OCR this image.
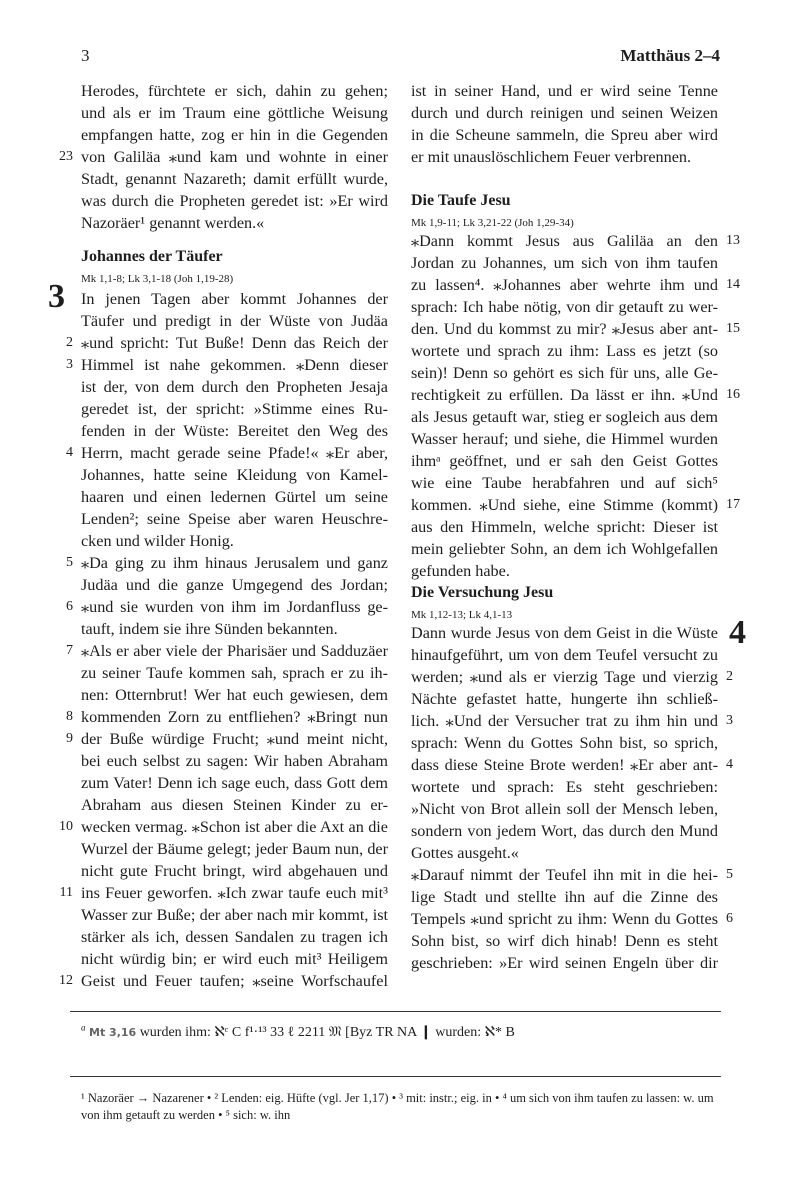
3	Matthäus 2–4
Herodes, fürchtete er sich, dahin zu gehen;
und als er im Traum eine göttliche Weisung
empfangen hatte, zog er hin in die Gegenden
von Galiläa ⁎und kam und wohnte in einer
23
Stadt, genannt Nazareth; damit erfüllt wurde,
was durch die Propheten geredet ist: »Er wird
Nazoräer¹ genannt werden.«
Johannes der Täufer
Mk 1,1-8; Lk 3,1-18 (Joh 1,19-28)
3 In jenen Tagen aber kommt Johannes der
Täufer und predigt in der Wüste von Judäa
⁎und spricht: Tut Buße! Denn das Reich der
2
Himmel ist nahe gekommen. ⁎Denn dieser
3
ist der, von dem durch den Propheten Jesaja
geredet ist, der spricht: »Stimme eines Ru-
fenden in der Wüste: Bereitet den Weg des
Herrn, macht gerade seine Pfade!« ⁎Er aber,
4
Johannes, hatte seine Kleidung von Kamel-
haaren und einen ledernen Gürtel um seine
Lenden²; seine Speise aber waren Heuschre-
cken und wilder Honig.
⁎Da ging zu ihm hinaus Jerusalem und ganz
5
Judäa und die ganze Umgegend des Jordan;
⁎und sie wurden von ihm im Jordanfluss ge-
6
tauft, indem sie ihre Sünden bekannten.
⁎Als er aber viele der Pharisäer und Sadduzäer
7
zu seiner Taufe kommen sah, sprach er zu ih-
nen: Otternbrut! Wer hat euch gewiesen, dem
kommenden Zorn zu entfliehen? ⁎Bringt nun
8
der Buße würdige Frucht; ⁎und meint nicht,
9
bei euch selbst zu sagen: Wir haben Abraham
zum Vater! Denn ich sage euch, dass Gott dem
Abraham aus diesen Steinen Kinder zu er-
wecken vermag. ⁎Schon ist aber die Axt an die
10
Wurzel der Bäume gelegt; jeder Baum nun, der
nicht gute Frucht bringt, wird abgehauen und
ins Feuer geworfen. ⁎Ich zwar taufe euch mit³
11
Wasser zur Buße; der aber nach mir kommt, ist
stärker als ich, dessen Sandalen zu tragen ich
nicht würdig bin; er wird euch mit³ Heiligem
Geist und Feuer taufen; ⁎seine Worfschaufel
12
ist in seiner Hand, und er wird seine Tenne
durch und durch reinigen und seinen Weizen
in die Scheune sammeln, die Spreu aber wird
er mit unauslöschlichem Feuer verbrennen.
Die Taufe Jesu
Mk 1,9-11; Lk 3,21-22 (Joh 1,29-34)
⁎Dann kommt Jesus aus Galiläa an den 13
Jordan zu Johannes, um sich von ihm taufen
zu lassen⁴. ⁎Johannes aber wehrte ihm und 14
sprach: Ich habe nötig, von dir getauft zu wer-
den. Und du kommst zu mir? ⁎Jesus aber ant- 15
wortete und sprach zu ihm: Lass es jetzt (so
sein)! Denn so gehört es sich für uns, alle Ge-
rechtigkeit zu erfüllen. Da lässt er ihn. ⁎Und 16
als Jesus getauft war, stieg er sogleich aus dem
Wasser herauf; und siehe, die Himmel wurden
ihmᵃ geöffnet, und er sah den Geist Gottes
wie eine Taube herabfahren und auf sich⁵
kommen. ⁎Und siehe, eine Stimme (kommt) 17
aus den Himmeln, welche spricht: Dieser ist
mein geliebter Sohn, an dem ich Wohlgefallen
gefunden habe.
Die Versuchung Jesu
Mk 1,12-13; Lk 4,1-13	4
Dann wurde Jesus von dem Geist in die Wüste
hinaufgeführt, um von dem Teufel versucht zu
werden; ⁎und als er vierzig Tage und vierzig 2
Nächte gefastet hatte, hungerte ihn schließ-
lich. ⁎Und der Versucher trat zu ihm hin und 3
sprach: Wenn du Gottes Sohn bist, so sprich,
dass diese Steine Brote werden! ⁎Er aber ant- 4
wortete und sprach: Es steht geschrieben:
»Nicht von Brot allein soll der Mensch leben,
sondern von jedem Wort, das durch den Mund
Gottes ausgeht.«
⁎Darauf nimmt der Teufel ihn mit in die hei- 5
lige Stadt und stellte ihn auf die Zinne des
Tempels ⁎und spricht zu ihm: Wenn du Gottes 6
Sohn bist, so wirf dich hinab! Denn es steht
geschrieben: »Er wird seinen Engeln über dir
$^a$ Mt 3,16 wurden ihm: ℵᶜ C f¹·¹³ 33 ℓ 2211 𝔐 [Byz TR NA ❙ wurden: ℵ* B
¹ Nazoräer → Nazarener • ² Lenden: eig. Hüfte (vgl. Jer 1,17) • ³ mit: instr.; eig. in • ⁴ um sich von ihm taufen zu lassen: w. um von ihm getauft zu werden • ⁵ sich: w. ihn
